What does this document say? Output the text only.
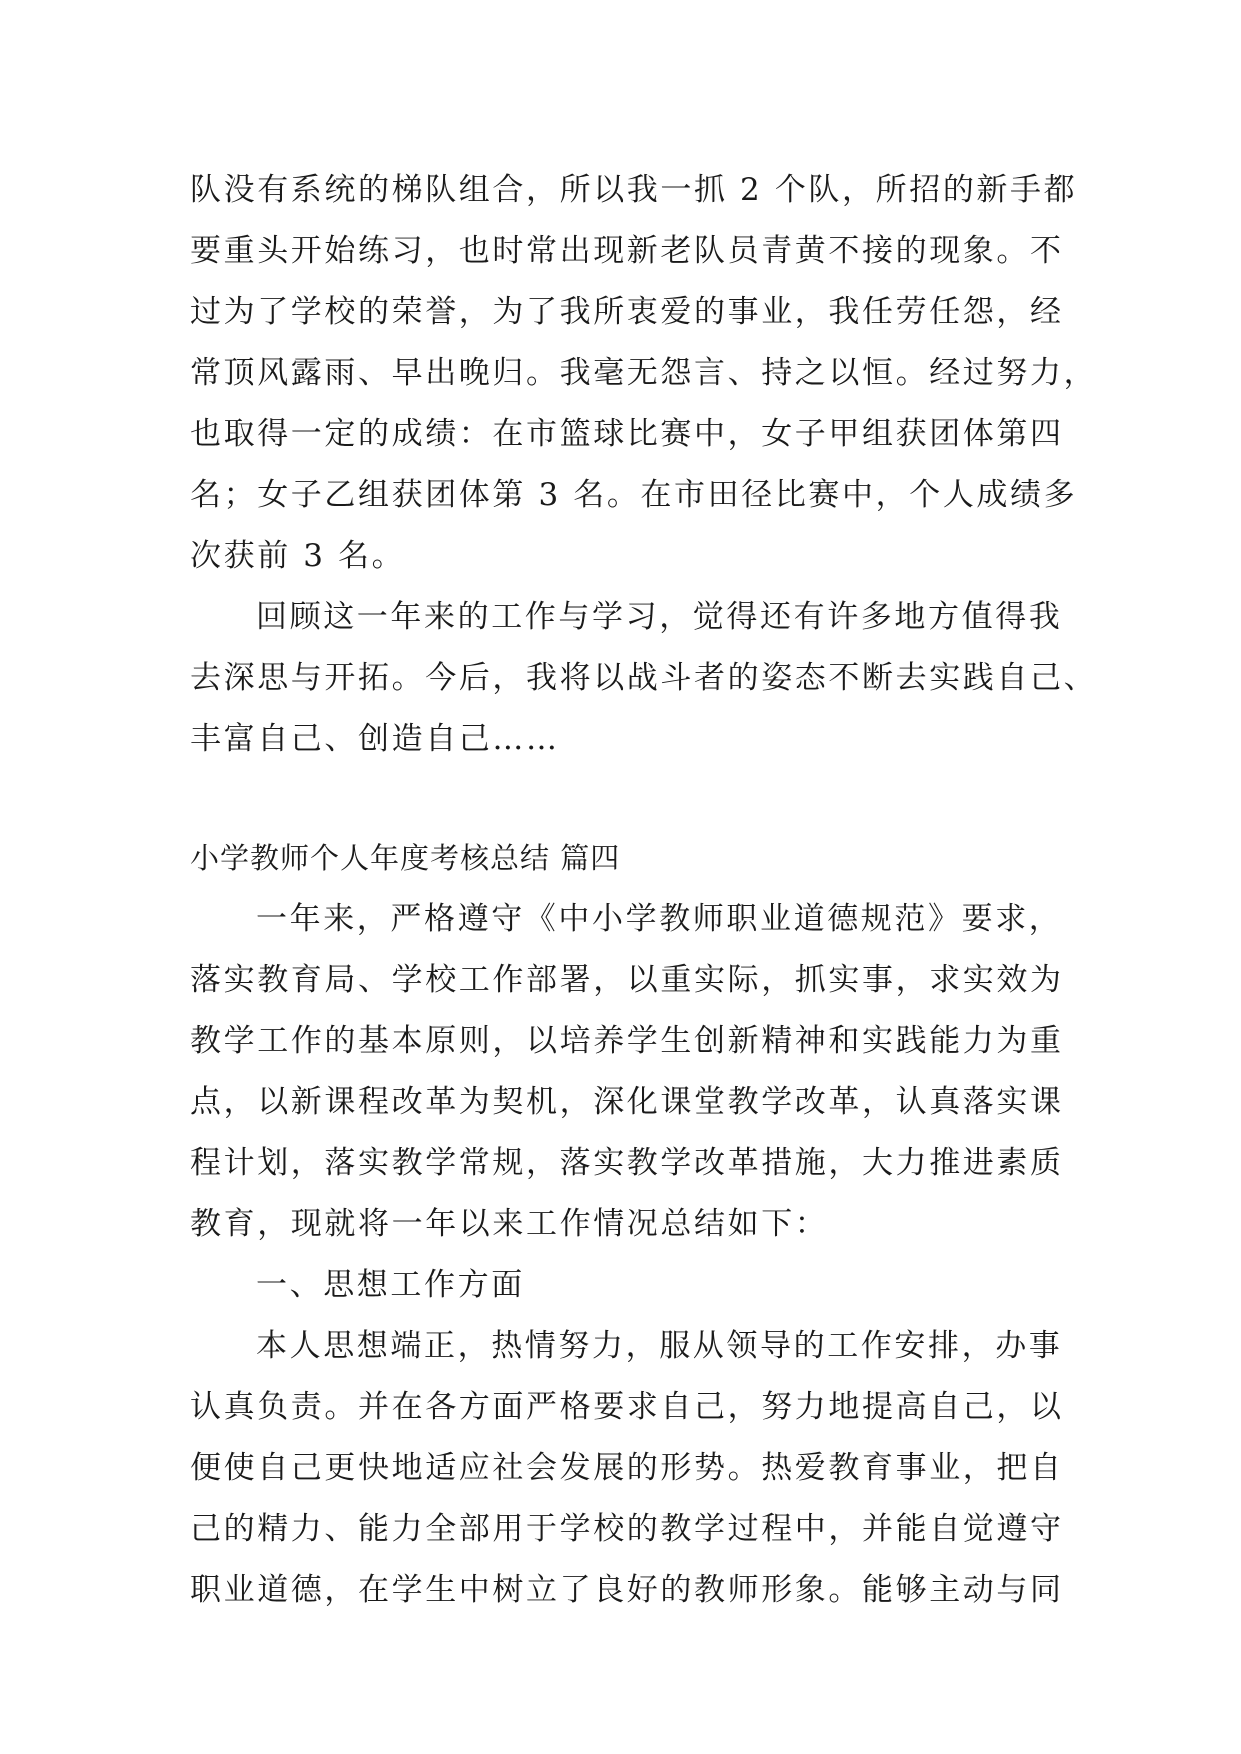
队没有系统的梯队组合，所以我一抓 2 个队，所招的新手都
要重头开始练习，也时常出现新老队员青黄不接的现象。不
过为了学校的荣誉，为了我所衷爱的事业，我任劳任怨，经
常顶风露雨、早出晚归。我毫无怨言、持之以恒。经过努力，
也取得一定的成绩：在市篮球比赛中，女子甲组获团体第四
名；女子乙组获团体第 3 名。在市田径比赛中，个人成绩多
次获前 3 名。
回顾这一年来的工作与学习，觉得还有许多地方值得我
去深思与开拓。今后，我将以战斗者的姿态不断去实践自己、
丰富自己、创造自己……
小学教师个人年度考核总结 篇四
一年来，严格遵守《中小学教师职业道德规范》要求，
落实教育局、学校工作部署，以重实际，抓实事，求实效为
教学工作的基本原则，以培养学生创新精神和实践能力为重
点，以新课程改革为契机，深化课堂教学改革，认真落实课
程计划，落实教学常规，落实教学改革措施，大力推进素质
教育，现就将一年以来工作情况总结如下：
一、思想工作方面
本人思想端正，热情努力，服从领导的工作安排，办事
认真负责。并在各方面严格要求自己，努力地提高自己，以
便使自己更快地适应社会发展的形势。热爱教育事业，把自
己的精力、能力全部用于学校的教学过程中，并能自觉遵守
职业道德，在学生中树立了良好的教师形象。能够主动与同
